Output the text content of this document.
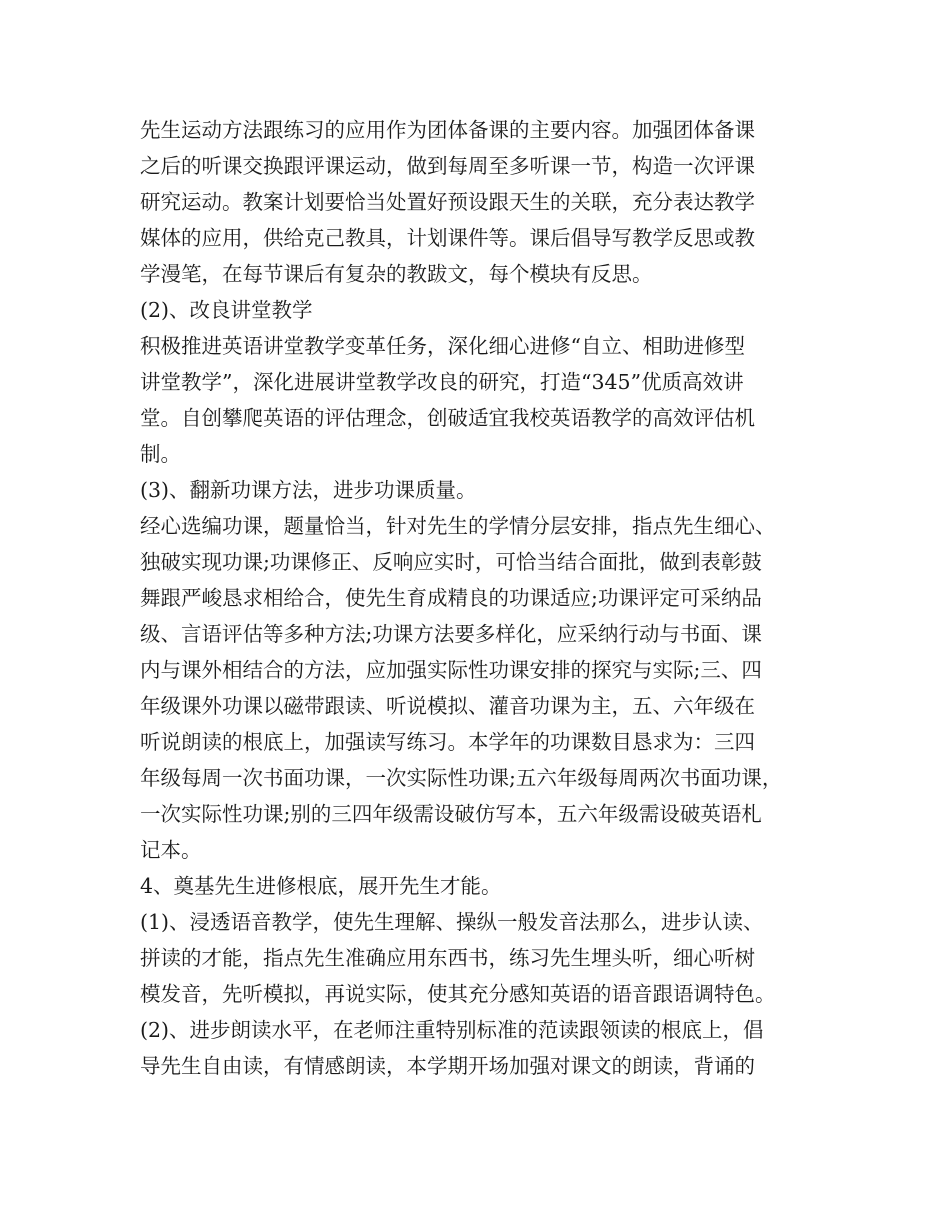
先生运动方法跟练习的应用作为团体备课的主要内容。加强团体备课
之后的听课交换跟评课运动，做到每周至多听课一节，构造一次评课
研究运动。教案计划要恰当处置好预设跟天生的关联，充分表达教学
媒体的应用，供给克己教具，计划课件等。课后倡导写教学反思或教
学漫笔，在每节课后有复杂的教跋文，每个模块有反思。
(2)、改良讲堂教学
积极推进英语讲堂教学变革任务，深化细心进修“自立、相助进修型
讲堂教学”，深化进展讲堂教学改良的研究，打造“345”优质高效讲
堂。自创攀爬英语的评估理念，创破适宜我校英语教学的高效评估机
制。
(3)、翻新功课方法，进步功课质量。
经心选编功课，题量恰当，针对先生的学情分层安排，指点先生细心、
独破实现功课;功课修正、反响应实时，可恰当结合面批，做到表彰鼓
舞跟严峻恳求相给合，使先生育成精良的功课适应;功课评定可采纳品
级、言语评估等多种方法;功课方法要多样化，应采纳行动与书面、课
内与课外相结合的方法，应加强实际性功课安排的探究与实际;三、四
年级课外功课以磁带跟读、听说模拟、灌音功课为主，五、六年级在
听说朗读的根底上，加强读写练习。本学年的功课数目恳求为：三四
年级每周一次书面功课，一次实际性功课;五六年级每周两次书面功课，
一次实际性功课;别的三四年级需设破仿写本，五六年级需设破英语札
记本。
4、奠基先生进修根底，展开先生才能。
(1)、浸透语音教学，使先生理解、操纵一般发音法那么，进步认读、
拼读的才能，指点先生准确应用东西书，练习先生埋头听，细心听树
模发音，先听模拟，再说实际，使其充分感知英语的语音跟语调特色。
(2)、进步朗读水平，在老师注重特别标准的范读跟领读的根底上，倡
导先生自由读，有情感朗读，本学期开场加强对课文的朗读，背诵的
